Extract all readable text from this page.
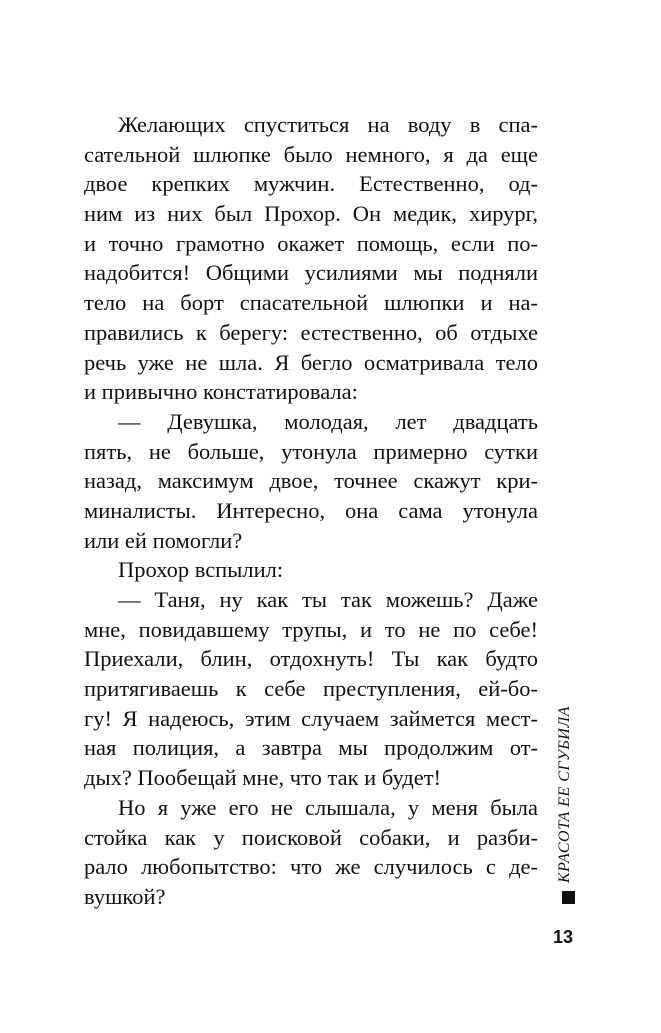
Желающих спуститься на воду в спа-
сательной шлюпке было немного, я да еще
двое крепких мужчин. Естественно, од-
ним из них был Прохор. Он медик, хирург,
и точно грамотно окажет помощь, если по-
надобится! Общими усилиями мы подняли
тело на борт спасательной шлюпки и на-
правились к берегу: естественно, об отдыхе
речь уже не шла. Я бегло осматривала тело
и привычно констатировала:
— Девушка, молодая, лет двадцать
пять, не больше, утонула примерно сутки
назад, максимум двое, точнее скажут кри-
миналисты. Интересно, она сама утонула
или ей помогли?
Прохор вспылил:
— Таня, ну как ты так можешь? Даже
мне, повидавшему трупы, и то не по себе!
Приехали, блин, отдохнуть! Ты как будто
притягиваешь к себе преступления, ей-бо-
гу! Я надеюсь, этим случаем займется мест-
ная полиция, а завтра мы продолжим от-
дых? Пообещай мне, что так и будет!
Но я уже его не слышала, у меня была
стойка как у поисковой собаки, и разби-
рало любопытство: что же случилось с де-
вушкой?
КРАСОТА ЕЕ СГУБИЛА
13
